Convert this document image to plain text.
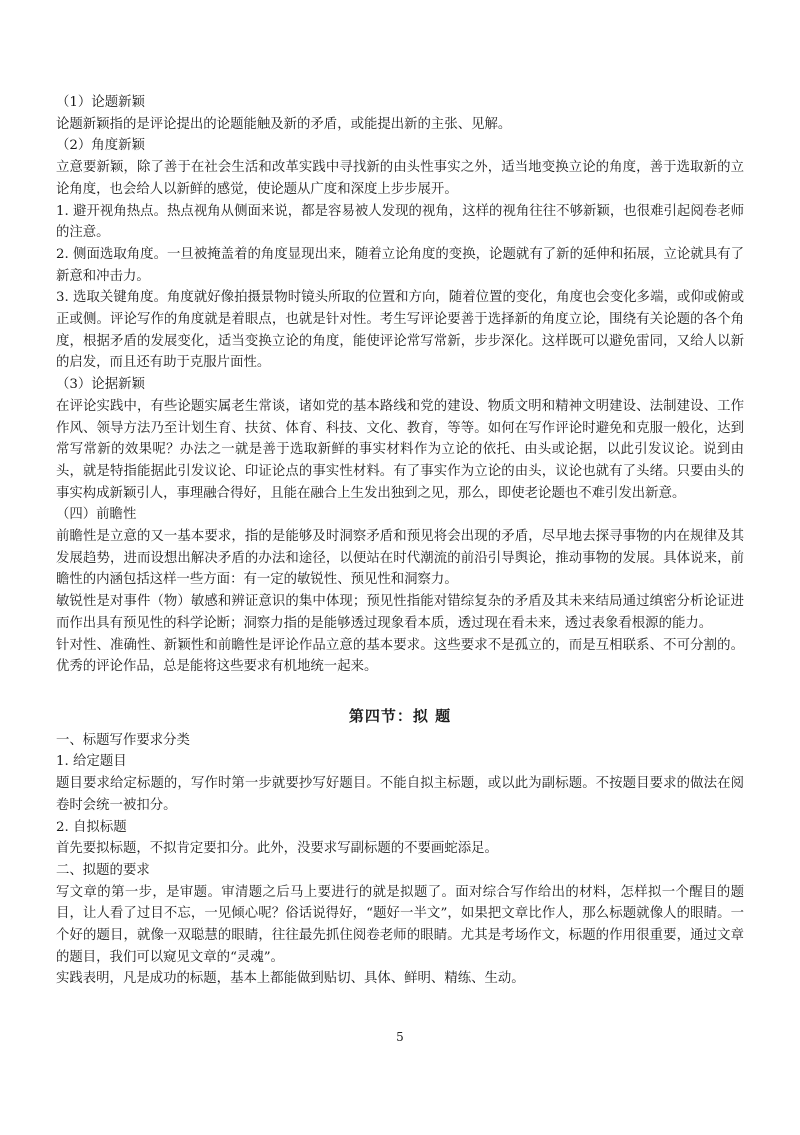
（1）论题新颖

论题新颖指的是评论提出的论题能触及新的矛盾，或能提出新的主张、见解。

（2）角度新颖

立意要新颖，除了善于在社会生活和改革实践中寻找新的由头性事实之外，适当地变换立论的角度，善于选取新的立论角度，也会给人以新鲜的感觉，使论题从广度和深度上步步展开。

1. 避开视角热点。热点视角从侧面来说，都是容易被人发现的视角，这样的视角往往不够新颖，也很难引起阅卷老师的注意。

2. 侧面选取角度。一旦被掩盖着的角度显现出来，随着立论角度的变换，论题就有了新的延伸和拓展，立论就具有了新意和冲击力。

3. 选取关键角度。角度就好像拍摄景物时镜头所取的位置和方向，随着位置的变化，角度也会变化多端，或仰或俯或正或侧。评论写作的角度就是着眼点，也就是针对性。考生写评论要善于选择新的角度立论，围绕有关论题的各个角度，根据矛盾的发展变化，适当变换立论的角度，能使评论常写常新，步步深化。这样既可以避免雷同，又给人以新的启发，而且还有助于克服片面性。

（3）论据新颖

在评论实践中，有些论题实属老生常谈，诸如党的基本路线和党的建设、物质文明和精神文明建设、法制建设、工作作风、领导方法乃至计划生育、扶贫、体育、科技、文化、教育，等等。如何在写作评论时避免和克服一般化，达到常写常新的效果呢？办法之一就是善于选取新鲜的事实材料作为立论的依托、由头或论据，以此引发议论。说到由头，就是特指能据此引发议论、印证论点的事实性材料。有了事实作为立论的由头，议论也就有了头绪。只要由头的事实构成新颖引人，事理融合得好，且能在融合上生发出独到之见，那么，即使老论题也不难引发出新意。

（四）前瞻性

前瞻性是立意的又一基本要求，指的是能够及时洞察矛盾和预见将会出现的矛盾，尽早地去探寻事物的内在规律及其发展趋势，进而设想出解决矛盾的办法和途径，以便站在时代潮流的前沿引导舆论，推动事物的发展。具体说来，前瞻性的内涵包括这样一些方面：有一定的敏锐性、预见性和洞察力。

敏锐性是对事件（物）敏感和辨证意识的集中体现；预见性指能对错综复杂的矛盾及其未来结局通过缜密分析论证进而作出具有预见性的科学论断；洞察力指的是能够透过现象看本质，透过现在看未来，透过表象看根源的能力。

针对性、准确性、新颖性和前瞻性是评论作品立意的基本要求。这些要求不是孤立的，而是互相联系、不可分割的。优秀的评论作品，总是能将这些要求有机地统一起来。

第四节：拟 题
一、标题写作要求分类
1. 给定题目

题目要求给定标题的，写作时第一步就要抄写好题目。不能自拟主标题，或以此为副标题。不按题目要求的做法在阅卷时会统一被扣分。

2. 自拟标题

首先要拟标题，不拟肯定要扣分。此外，没要求写副标题的不要画蛇添足。

二、拟题的要求

写文章的第一步，是审题。审清题之后马上要进行的就是拟题了。面对综合写作给出的材料，怎样拟一个醒目的题目，让人看了过目不忘，一见倾心呢？俗话说得好，“题好一半文”，如果把文章比作人，那么标题就像人的眼睛。一个好的题目，就像一双聪慧的眼睛，往往最先抓住阅卷老师的眼睛。尤其是考场作文，标题的作用很重要，通过文章的题目，我们可以窥见文章的“灵魂”。

实践表明，凡是成功的标题，基本上都能做到贴切、具体、鲜明、精练、生动。

5
